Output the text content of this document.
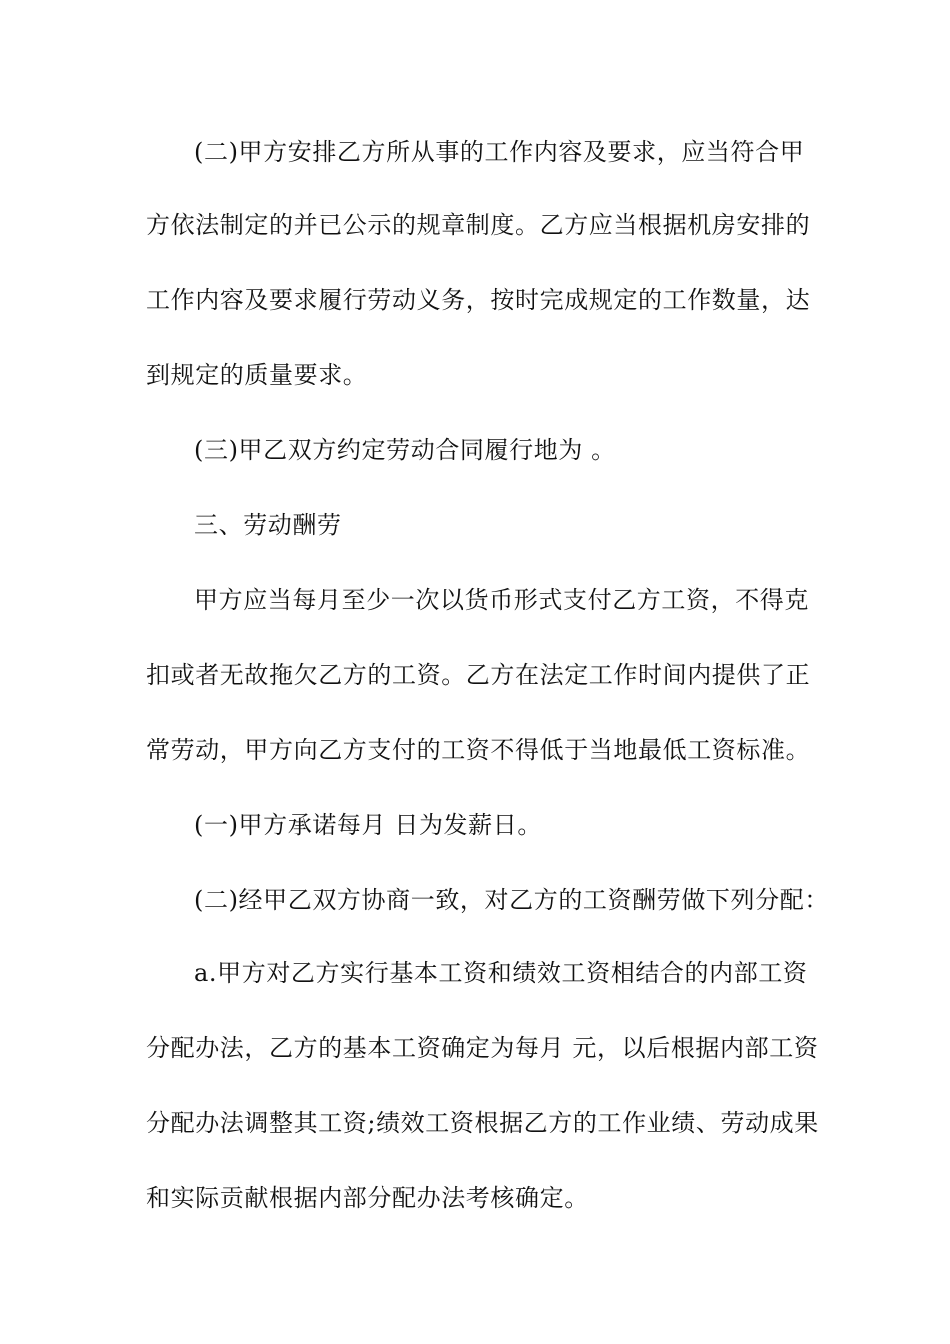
(二)甲方安排乙方所从事的工作内容及要求，应当符合甲
方依法制定的并已公示的规章制度。乙方应当根据机房安排的
工作内容及要求履行劳动义务，按时完成规定的工作数量，达
到规定的质量要求。
(三)甲乙双方约定劳动合同履行地为 。
三、劳动酬劳
甲方应当每月至少一次以货币形式支付乙方工资，不得克
扣或者无故拖欠乙方的工资。乙方在法定工作时间内提供了正
常劳动，甲方向乙方支付的工资不得低于当地最低工资标准。
(一)甲方承诺每月 日为发薪日。
(二)经甲乙双方协商一致，对乙方的工资酬劳做下列分配：
a.甲方对乙方实行基本工资和绩效工资相结合的内部工资
分配办法，乙方的基本工资确定为每月 元，以后根据内部工资
分配办法调整其工资;绩效工资根据乙方的工作业绩、劳动成果
和实际贡献根据内部分配办法考核确定。
